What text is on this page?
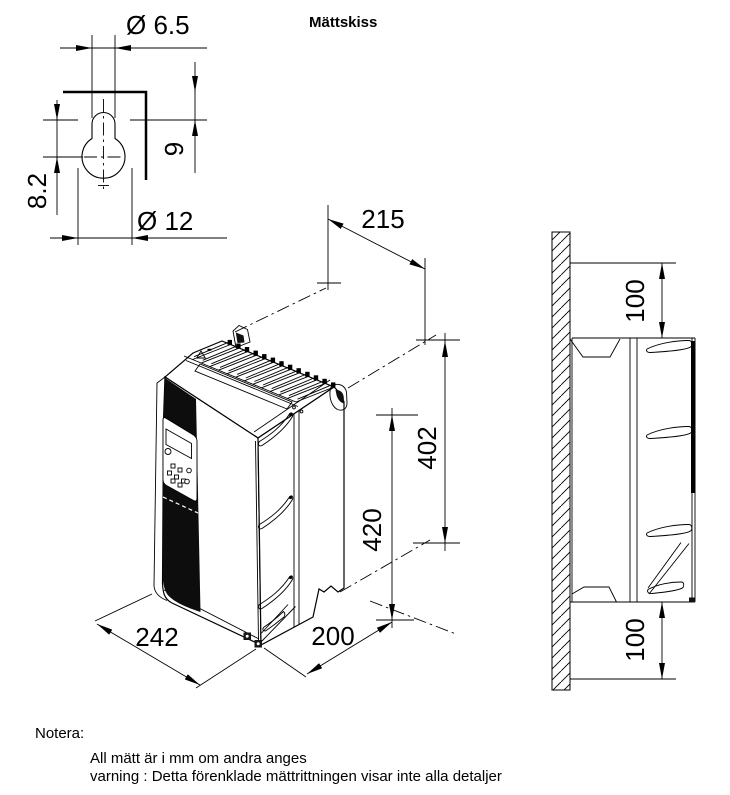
Mättskiss
Ø 6.5
9
8.2
Ø 12	215
402
420
242	200
100
100
Notera:
All mätt är i mm om andra anges
varning : Detta förenklade mättrittningen visar inte alla detaljer
